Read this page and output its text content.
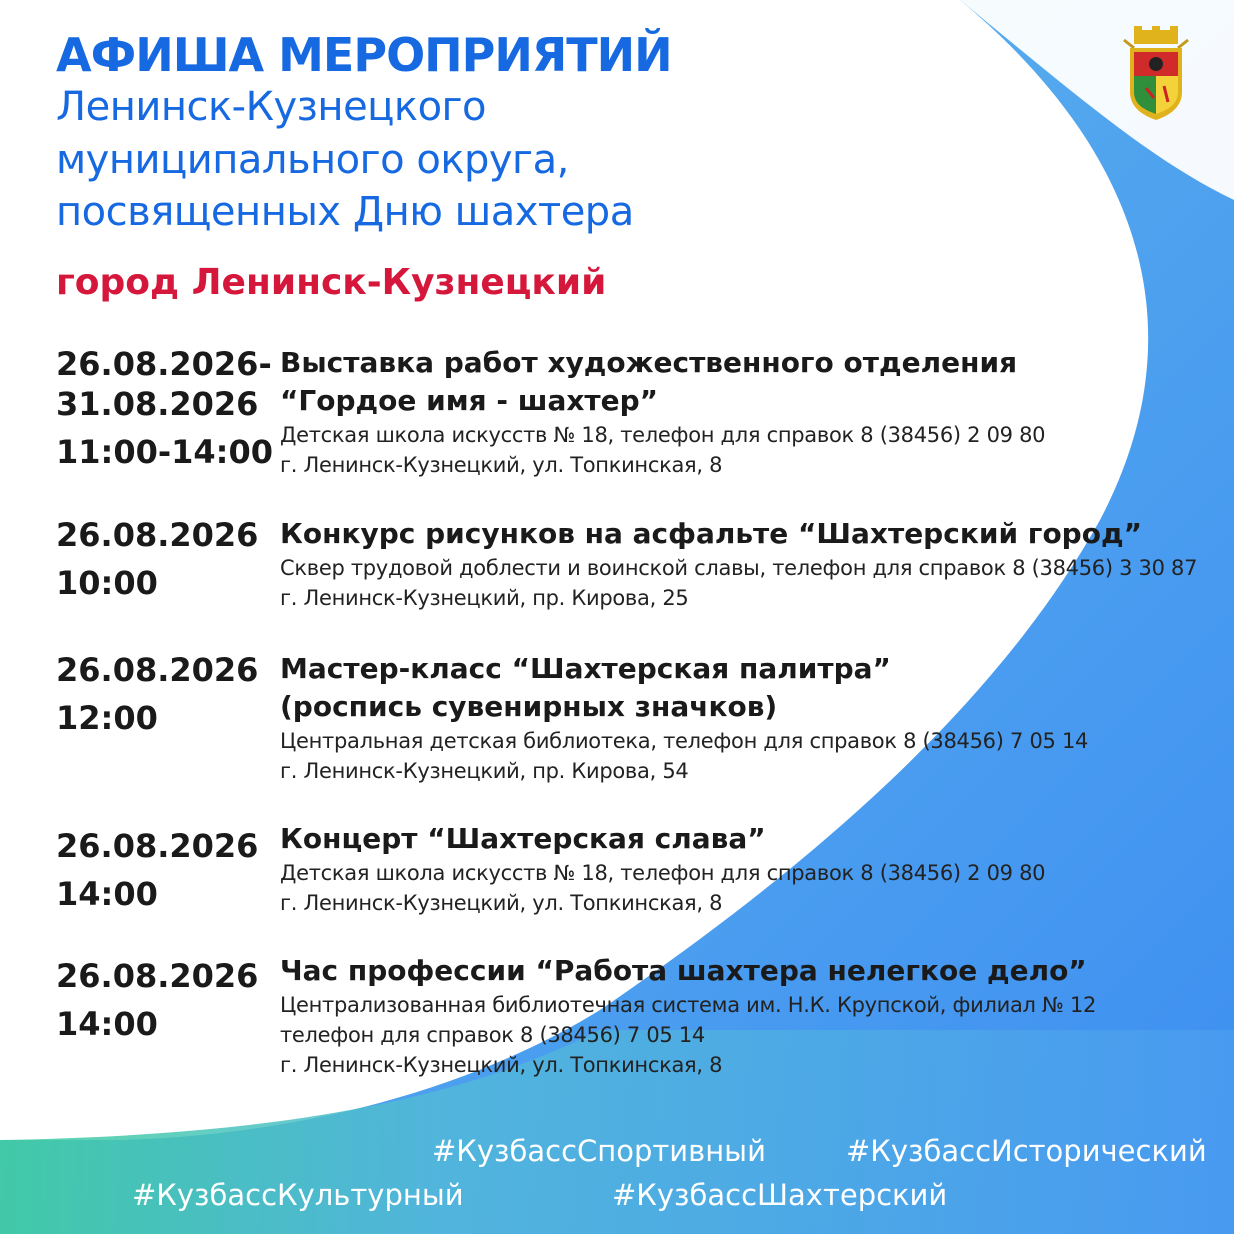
АФИША МЕРОПРИЯТИЙ
Ленинск-Кузнецкого
муниципального округа,
посвященных Дню шахтера
город Ленинск-Кузнецкий
26.08.2026-
31.08.2026
11:00-14:00
Выставка работ художественного отделения
“Гордое имя - шахтер”
Детская школа искусств № 18, телефон для справок 8 (38456) 2 09 80
г. Ленинск-Кузнецкий, ул. Топкинская, 8
26.08.2026
10:00
Конкурс рисунков на асфальте “Шахтерский город”
Сквер трудовой доблести и воинской славы, телефон для справок 8 (38456) 3 30 87
г. Ленинск-Кузнецкий, пр. Кирова, 25
26.08.2026
12:00
Мастер-класс “Шахтерская палитра”
(роспись сувенирных значков)
Центральная детская библиотека, телефон для справок 8 (38456) 7 05 14
г. Ленинск-Кузнецкий, пр. Кирова, 54
26.08.2026
14:00
Концерт “Шахтерская слава”
Детская школа искусств № 18, телефон для справок 8 (38456) 2 09 80
г. Ленинск-Кузнецкий, ул. Топкинская, 8
26.08.2026
14:00
Час профессии “Работа шахтера нелегкое дело”
Централизованная библиотечная система им. Н.К. Крупской, филиал № 12
телефон для справок 8 (38456) 7 05 14
г. Ленинск-Кузнецкий, ул. Топкинская, 8
#КузбассСпортивный	#КузбассИсторический
#КузбассКультурный	#КузбассШахтерский
